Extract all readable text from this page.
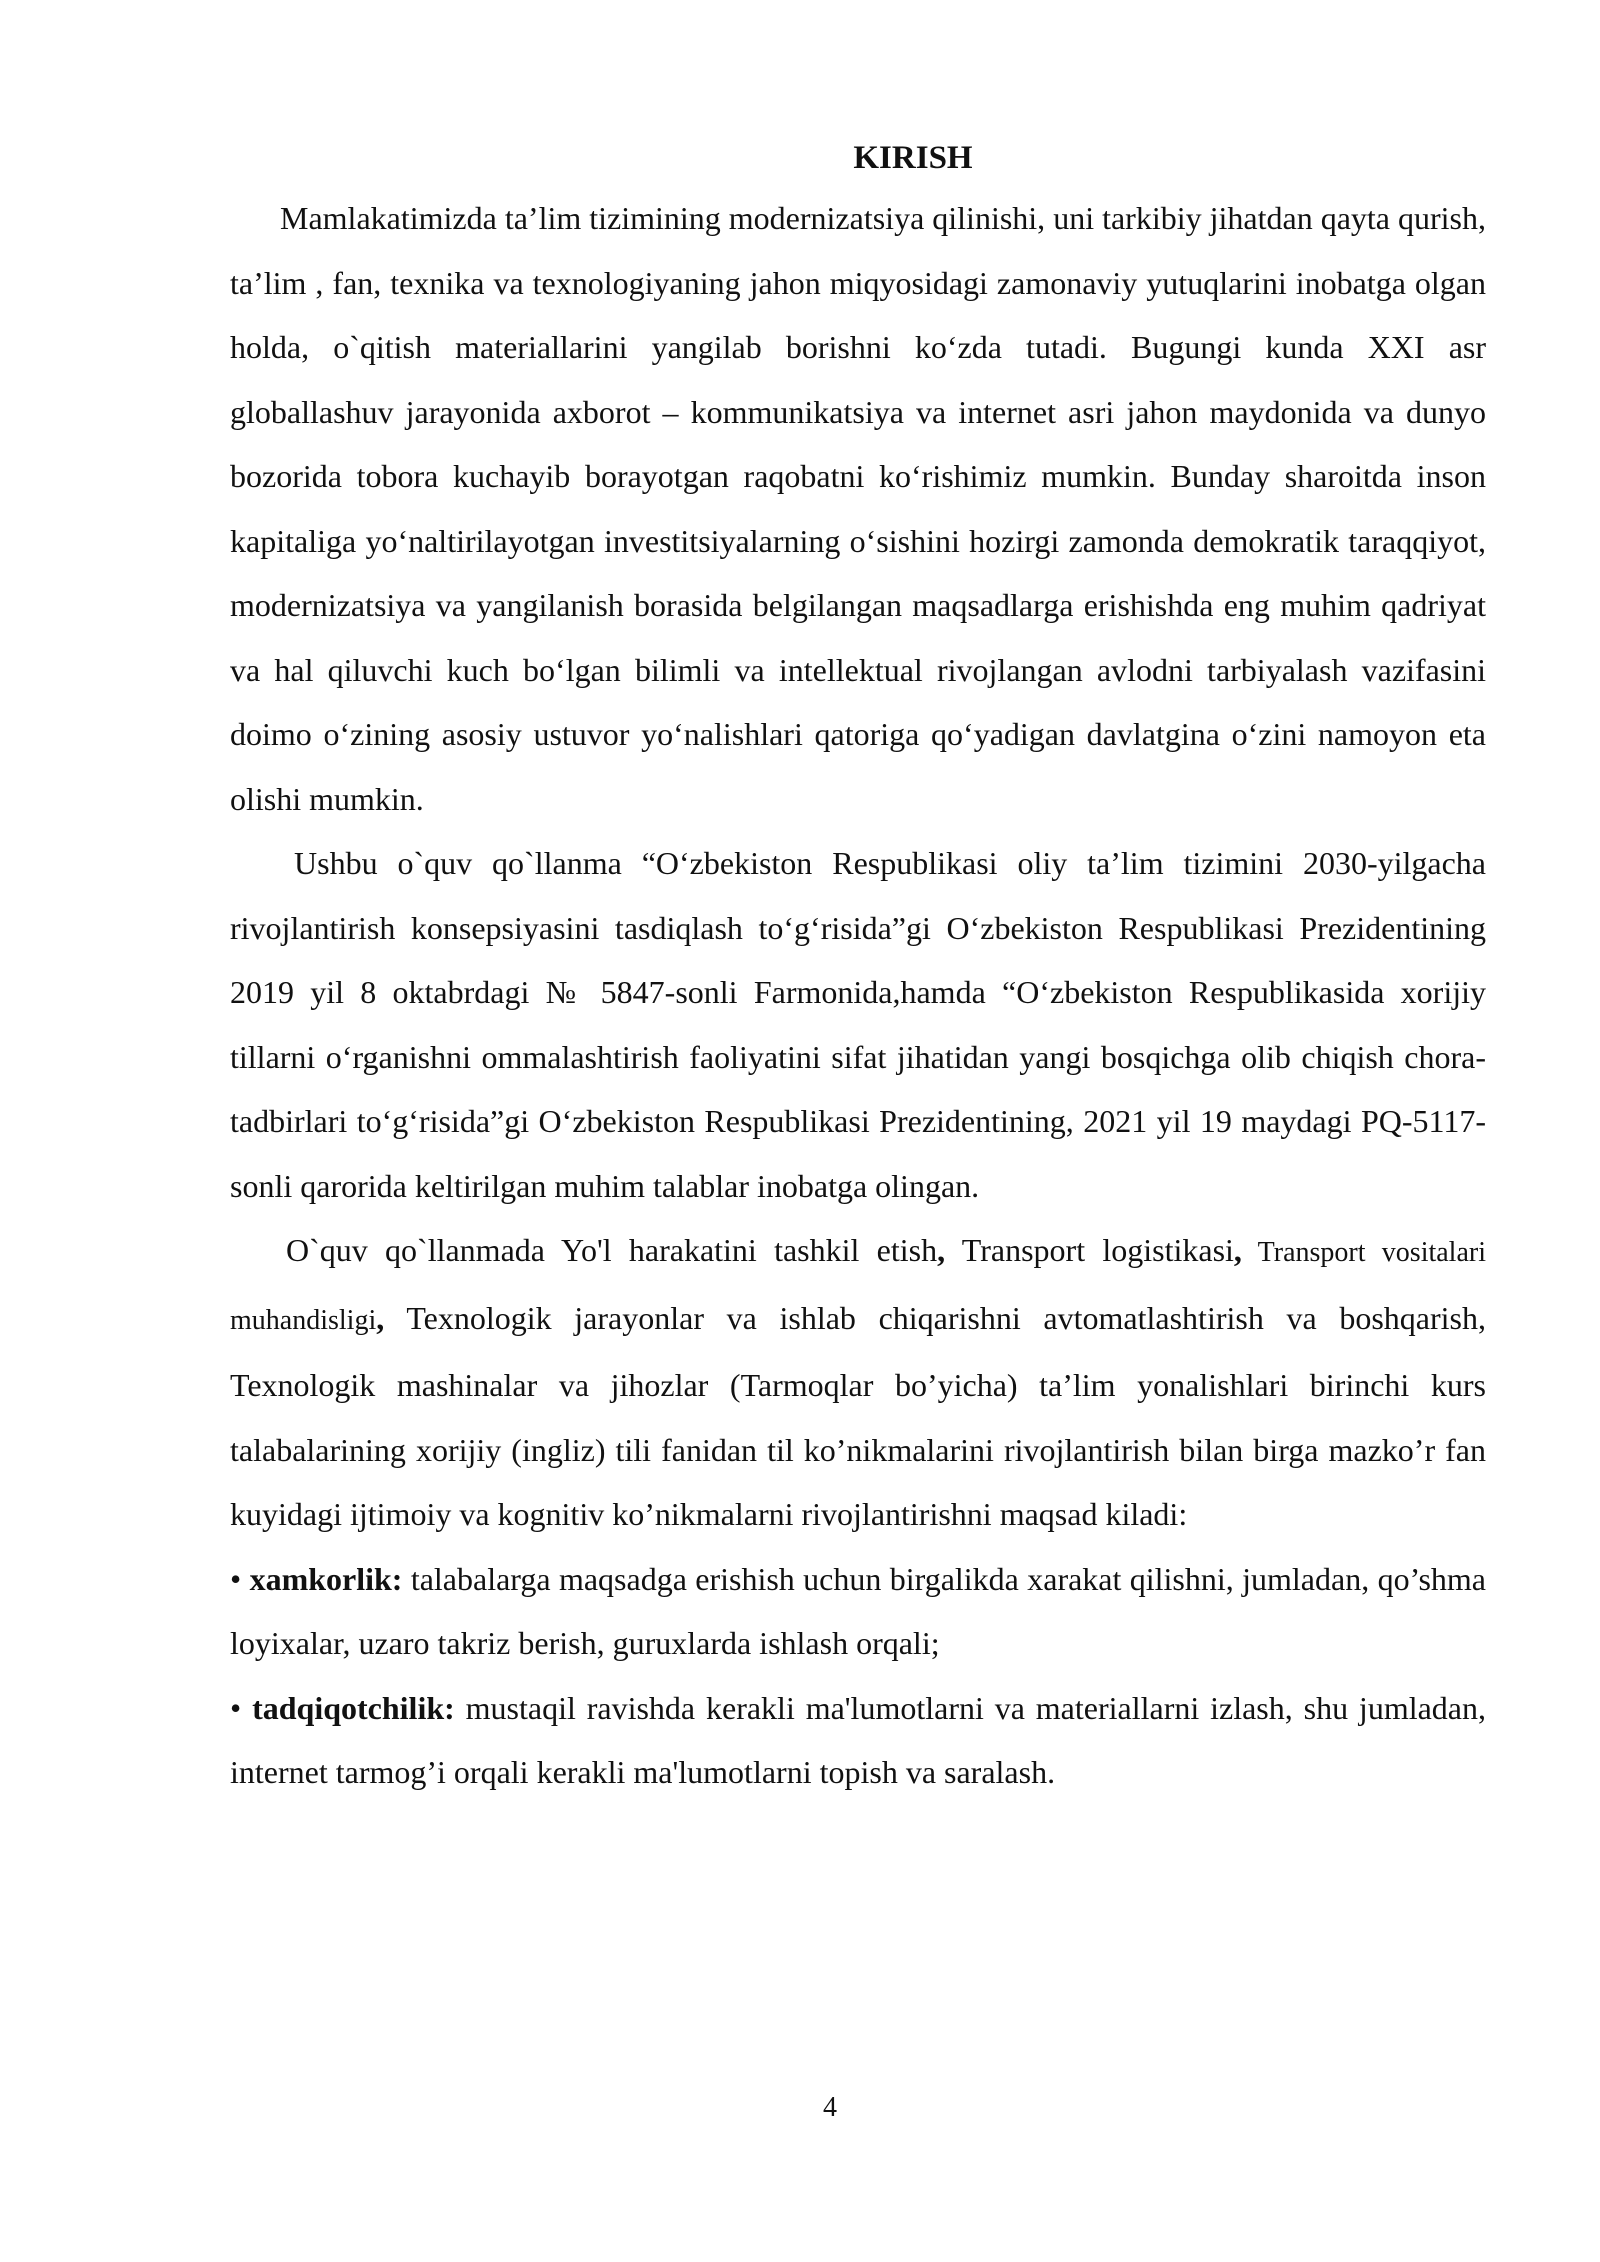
KIRISH

Mamlakatimizda ta’lim tizimining modernizatsiya qilinishi, uni tarkibiy jihatdan qayta qurish, ta’lim , fan, texnika va texnologiyaning jahon miqyosidagi zamonaviy yutuqlarini inobatga olgan holda, o`qitish materiallarini yangilab borishni ko‘zda tutadi. Bugungi kunda XXI asr globallashuv jarayonida axborot – kommunikatsiya va internet asri jahon maydonida va dunyo bozorida tobora kuchayib borayotgan raqobatni ko‘rishimiz mumkin. Bunday sharoitda inson kapitaliga yo‘naltirilayotgan investitsiyalarning o‘sishini hozirgi zamonda demokratik taraqqiyot, modernizatsiya va yangilanish borasida belgilangan maqsadlarga erishishda eng muhim qadriyat va hal qiluvchi kuch bo‘lgan bilimli va intellektual rivojlangan avlodni tarbiyalash vazifasini doimo o‘zining asosiy ustuvor yo‘nalishlari qatoriga qo‘yadigan davlatgina o‘zini namoyon eta olishi mumkin.

Ushbu o`quv qo`llanma “O‘zbekiston Respublikasi oliy ta’lim tizimini 2030-yilgacha rivojlantirish konsepsiyasini tasdiqlash to‘g‘risida”gi O‘zbekiston Respublikasi Prezidentining 2019 yil 8 oktabrdagi № 5847-sonli Farmonida,hamda “O‘zbekiston Respublikasida xorijiy tillarni o‘rganishni ommalashtirish faoliyatini sifat jihatidan yangi bosqichga olib chiqish chora-tadbirlari to‘g‘risida”gi O‘zbekiston Respublikasi Prezidentining, 2021 yil 19 maydagi PQ-5117-sonli qarorida keltirilgan muhim talablar inobatga olingan.

O`quv qo`llanmada Yo'l harakatini tashkil etish, Transport logistikasi, Transport vositalari muhandisligi, Texnologik jarayonlar va ishlab chiqarishni avtomatlashtirish va boshqarish, Texnologik mashinalar va jihozlar (Tarmoqlar bo’yicha) ta’lim yonalishlari birinchi kurs talabalarining xorijiy (ingliz) tili fanidan til ko’nikmalarini rivojlantirish bilan birga mazko’r fan kuyidagi ijtimoiy va kognitiv ko’nikmalarni rivojlantirishni maqsad kiladi:

• xamkorlik: talabalarga maqsadga erishish uchun birgalikda xarakat qilishni, jumladan, qo’shma loyixalar, uzaro takriz berish, guruxlarda ishlash orqali;

• tadqiqotchilik: mustaqil ravishda kerakli ma'lumotlarni va materiallarni izlash, shu jumladan, internet tarmog’i orqali kerakli ma'lumotlarni topish va saralash.

4
